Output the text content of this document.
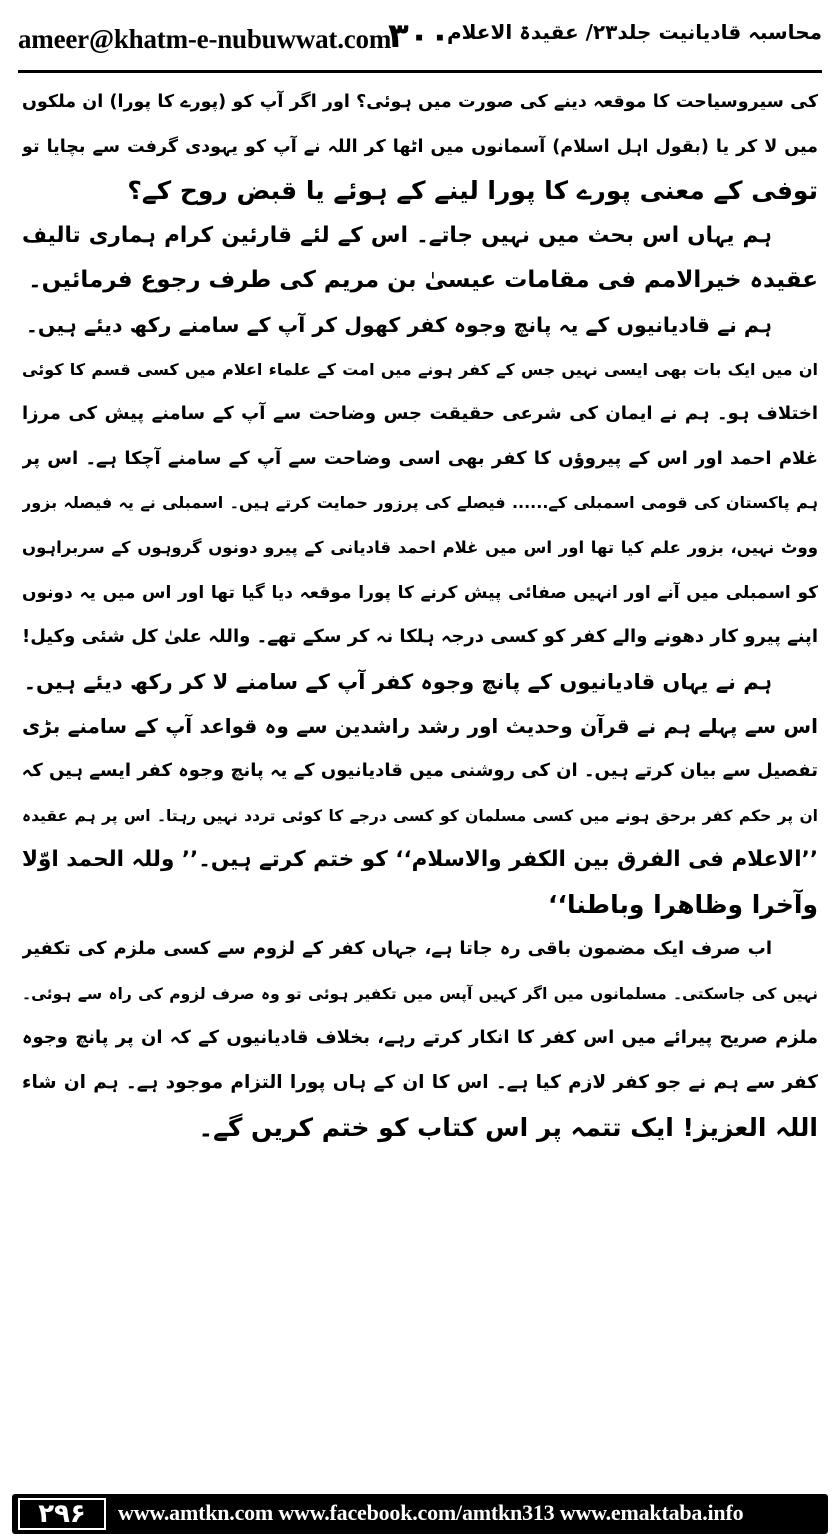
ameer@khatm-e-nubuwwat.com
۳۰۰
محاسبہ قادیانیت جلد۲۳/ عقیدۃ الاعلام
کی سیروسیاحت کا موقعہ دینے کی صورت میں ہوئی؟ اور اگر آپ کو (پورے کا پورا) ان ملکوں
میں لا کر یا (بقول اہل اسلام) آسمانوں میں اٹھا کر اللہ نے آپ کو یہودی گرفت سے بچایا تو
توفی کے معنی پورے کا پورا لینے کے ہوئے یا قبض روح کے؟
ہم یہاں اس بحث میں نہیں جاتے۔ اس کے لئے قارئین کرام ہماری تالیف
عقیدہ خیرالامم فی مقامات عیسیٰ بن مریم کی طرف رجوع فرمائیں۔
ہم نے قادیانیوں کے یہ پانچ وجوہ کفر کھول کر آپ کے سامنے رکھ دیئے ہیں۔
ان میں ایک بات بھی ایسی نہیں جس کے کفر ہونے میں امت کے علماء اعلام میں کسی قسم کا کوئی
اختلاف ہو۔ ہم نے ایمان کی شرعی حقیقت جس وضاحت سے آپ کے سامنے پیش کی مرزا
غلام احمد اور اس کے پیروؤں کا کفر بھی اسی وضاحت سے آپ کے سامنے آچکا ہے۔ اس پر
ہم پاکستان کی قومی اسمبلی کے...... فیصلے کی پرزور حمایت کرتے ہیں۔ اسمبلی نے یہ فیصلہ بزور
ووٹ نہیں، بزور علم کیا تھا اور اس میں غلام احمد قادیانی کے پیرو دونوں گروہوں کے سربراہوں
کو اسمبلی میں آنے اور انہیں صفائی پیش کرنے کا پورا موقعہ دیا گیا تھا اور اس میں یہ دونوں
اپنے پیرو کار دھونے والے کفر کو کسی درجہ ہلکا نہ کر سکے تھے۔ واللہ علیٰ کل شئی وکیل!
ہم نے یہاں قادیانیوں کے پانچ وجوہ کفر آپ کے سامنے لا کر رکھ دیئے ہیں۔
اس سے پہلے ہم نے قرآن وحدیث اور رشد راشدین سے وہ قواعد آپ کے سامنے بڑی
تفصیل سے بیان کرتے ہیں۔ ان کی روشنی میں قادیانیوں کے یہ پانچ وجوہ کفر ایسے ہیں کہ
ان پر حکم کفر برحق ہونے میں کسی مسلمان کو کسی درجے کا کوئی تردد نہیں رہتا۔ اس پر ہم عقیدہ
’’الاعلام فی الفرق بین الکفر والاسلام‘‘ کو ختم کرتے ہیں۔’’ وللہ الحمد اوّلا
وآخرا وظاھرا وباطنا‘‘
اب صرف ایک مضمون باقی رہ جاتا ہے، جہاں کفر کے لزوم سے کسی ملزم کی تکفیر
نہیں کی جاسکتی۔ مسلمانوں میں اگر کہیں آپس میں تکفیر ہوئی تو وہ صرف لزوم کی راہ سے ہوئی۔
ملزم صریح پیرائے میں اس کفر کا انکار کرتے رہے، بخلاف قادیانیوں کے کہ ان پر پانچ وجوہ
کفر سے ہم نے جو کفر لازم کیا ہے۔ اس کا ان کے ہاں پورا التزام موجود ہے۔ ہم ان شاء
اللہ العزیز! ایک تتمہ پر اس کتاب کو ختم کریں گے۔
۲۹۶	www.amtkn.com www.facebook.com/amtkn313 www.emaktaba.info
